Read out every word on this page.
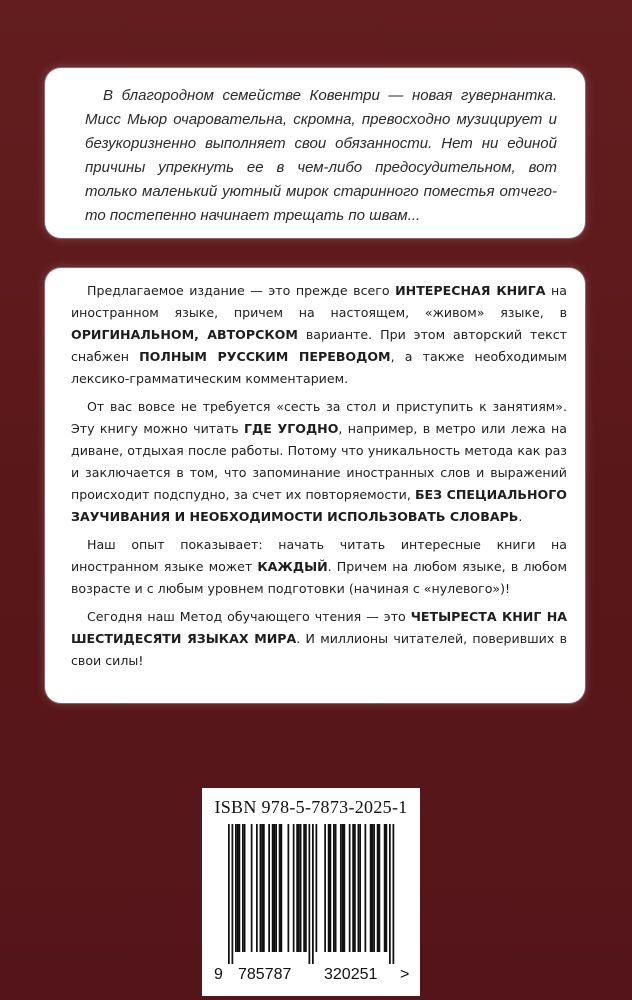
В благородном семействе Ковентри — новая гувернантка. Мисс Мьюр очаровательна, скромна, превосходно музицирует и безукоризненно выполняет свои обязанности. Нет ни единой причины упрекнуть ее в чем-либо предосудительном, вот только маленький уютный мирок старинного поместья отчего-то постепенно начинает трещать по швам...

Предлагаемое издание — это прежде всего ИНТЕРЕСНАЯ КНИГА на иностранном языке, причем на настоящем, «живом» языке, в ОРИГИНАЛЬНОМ, АВТОРСКОМ варианте. При этом авторский текст снабжен ПОЛНЫМ РУССКИМ ПЕРЕВОДОМ, а также необходимым лексико-грамматическим комментарием.

От вас вовсе не требуется «сесть за стол и приступить к занятиям». Эту книгу можно читать ГДЕ УГОДНО, например, в метро или лежа на диване, отдыхая после работы. Потому что уникальность метода как раз и заключается в том, что запоминание иностранных слов и выражений происходит подспудно, за счет их повторяемости, БЕЗ СПЕЦИАЛЬНОГО ЗАУЧИВАНИЯ И НЕОБХОДИМОСТИ ИСПОЛЬЗОВАТЬ СЛОВАРЬ.

Наш опыт показывает: начать читать интересные книги на иностранном языке может КАЖДЫЙ. Причем на любом языке, в любом возрасте и с любым уровнем подготовки (начиная с «нулевого»)!

Сегодня наш Метод обучающего чтения — это ЧЕТЫРЕСТА КНИГ НА ШЕСТИДЕСЯТИ ЯЗЫКАХ МИРА. И миллионы читателей, поверивших в свои силы!

ISBN 978-5-7873-2025-1
9 785787 320251 >
